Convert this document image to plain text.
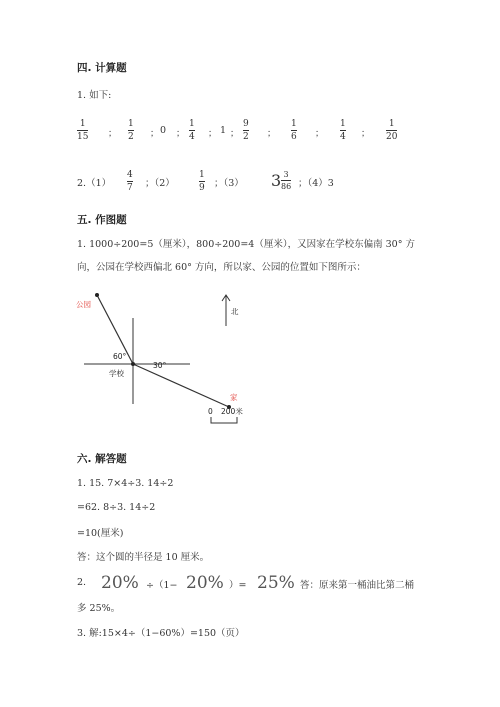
四. 计算题
1. 如下:
1
15
1
2
0
1
4
1
9
2
1
6
1
4
1
20
；	； ；	； ；	；	；	；
2.（1）
4
7 ；（2）
1
9 ；（3） 3 3
86 ；（4）3
五. 作图题
1. 1000÷200=5（厘米），800÷200=4（厘米），又因家在学校东偏南 30° 方
向，公园在学校西偏北 60° 方向，所以家、公园的位置如下图所示：
公园
60°
30°
学校
北
家
0 200米
六. 解答题
1. 15. 7×4÷3. 14÷2
=62. 8÷3. 14÷2
=10(厘米)
答：这个圆的半径是 10 厘米。
2. 20% ÷（1− 20% ）= 25% 答：原来第一桶油比第二桶
多 25%。
3. 解:15×4÷（1−60%）=150（页）
